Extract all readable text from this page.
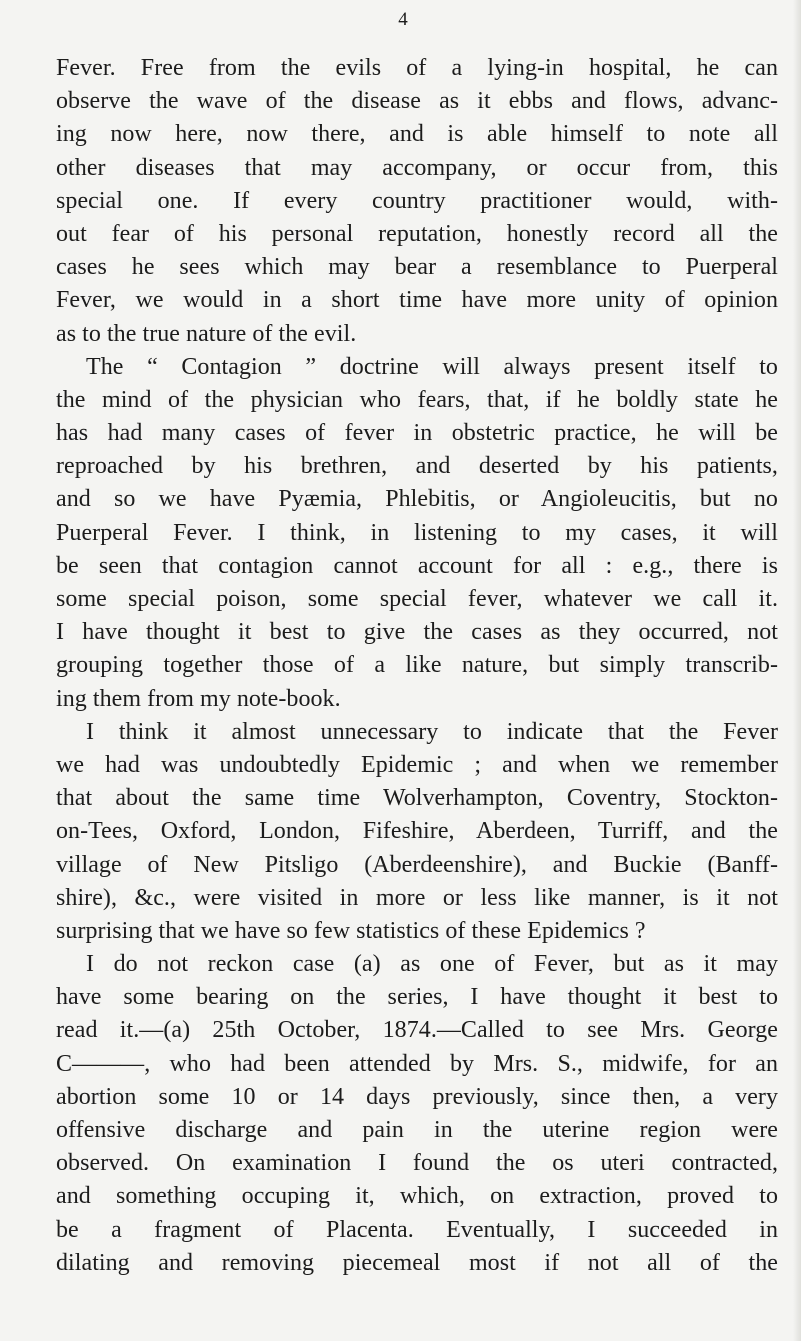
4
Fever. Free from the evils of a lying-in hospital, he can
observe the wave of the disease as it ebbs and flows, advanc-
ing now here, now there, and is able himself to note all
other diseases that may accompany, or occur from, this
special one. If every country practitioner would, with-
out fear of his personal reputation, honestly record all the
cases he sees which may bear a resemblance to Puerperal
Fever, we would in a short time have more unity of opinion
as to the true nature of the evil.
The “ Contagion ” doctrine will always present itself to
the mind of the physician who fears, that, if he boldly state he
has had many cases of fever in obstetric practice, he will be
reproached by his brethren, and deserted by his patients,
and so we have Pyæmia, Phlebitis, or Angioleucitis, but no
Puerperal Fever. I think, in listening to my cases, it will
be seen that contagion cannot account for all : e.g., there is
some special poison, some special fever, whatever we call it.
I have thought it best to give the cases as they occurred, not
grouping together those of a like nature, but simply transcrib-
ing them from my note-book.
I think it almost unnecessary to indicate that the Fever
we had was undoubtedly Epidemic ; and when we remember
that about the same time Wolverhampton, Coventry, Stockton-
on-Tees, Oxford, London, Fifeshire, Aberdeen, Turriff, and the
village of New Pitsligo (Aberdeenshire), and Buckie (Banff-
shire), &c., were visited in more or less like manner, is it not
surprising that we have so few statistics of these Epidemics ?
I do not reckon case (a) as one of Fever, but as it may
have some bearing on the series, I have thought it best to
read it.—(a) 25th October, 1874.—Called to see Mrs. George
C———, who had been attended by Mrs. S., midwife, for an
abortion some 10 or 14 days previously, since then, a very
offensive discharge and pain in the uterine region were
observed. On examination I found the os uteri contracted,
and something occuping it, which, on extraction, proved to
be a fragment of Placenta. Eventually, I succeeded in
dilating and removing piecemeal most if not all of the
